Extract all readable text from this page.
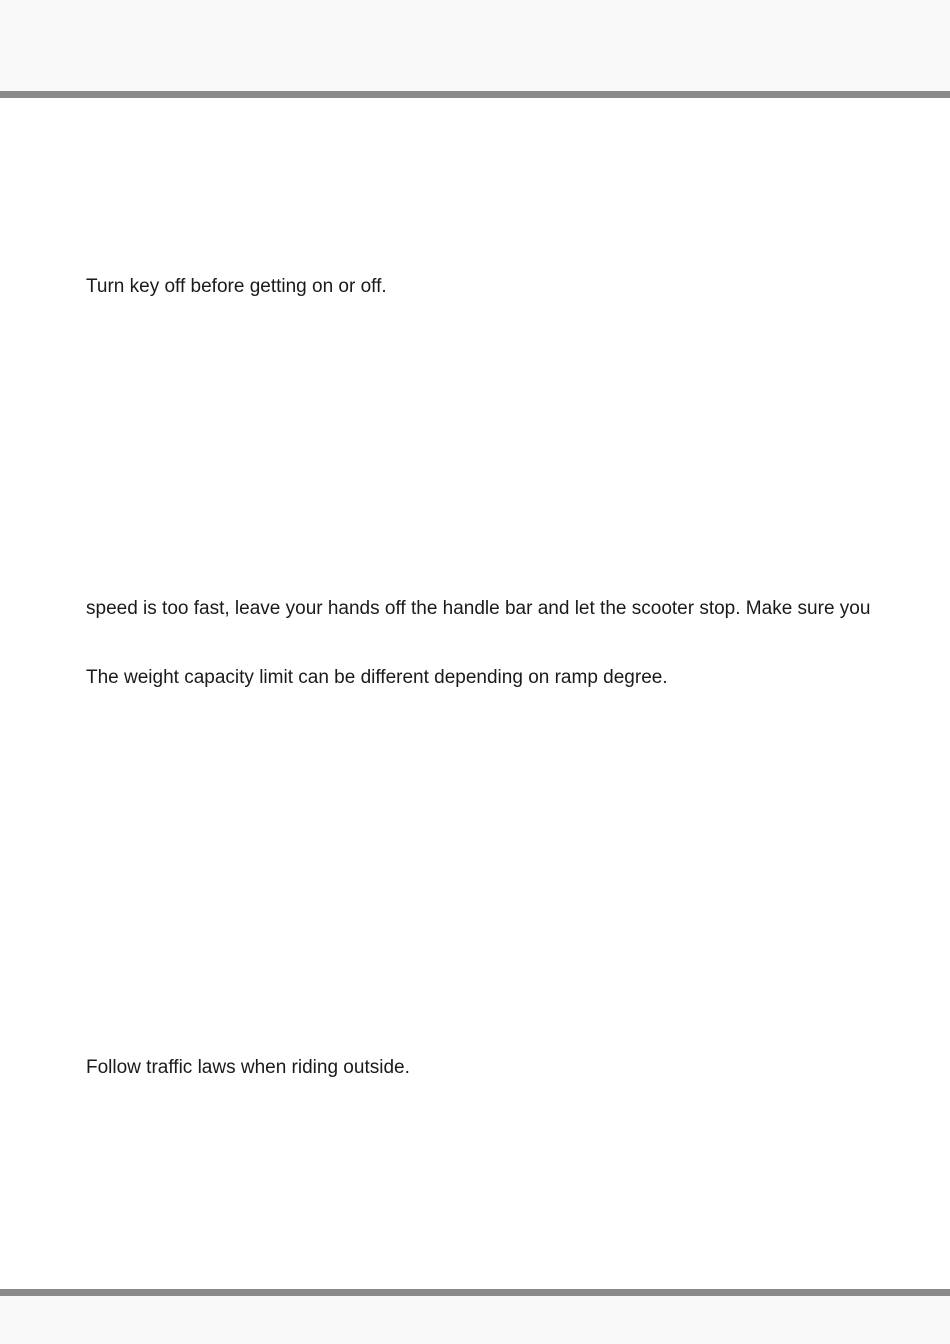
Turn key off before getting on or off.

speed is too fast, leave your hands off the handle bar and let the scooter stop. Make sure you

The weight capacity limit can be different depending on ramp degree.

Follow traffic laws when riding outside.
